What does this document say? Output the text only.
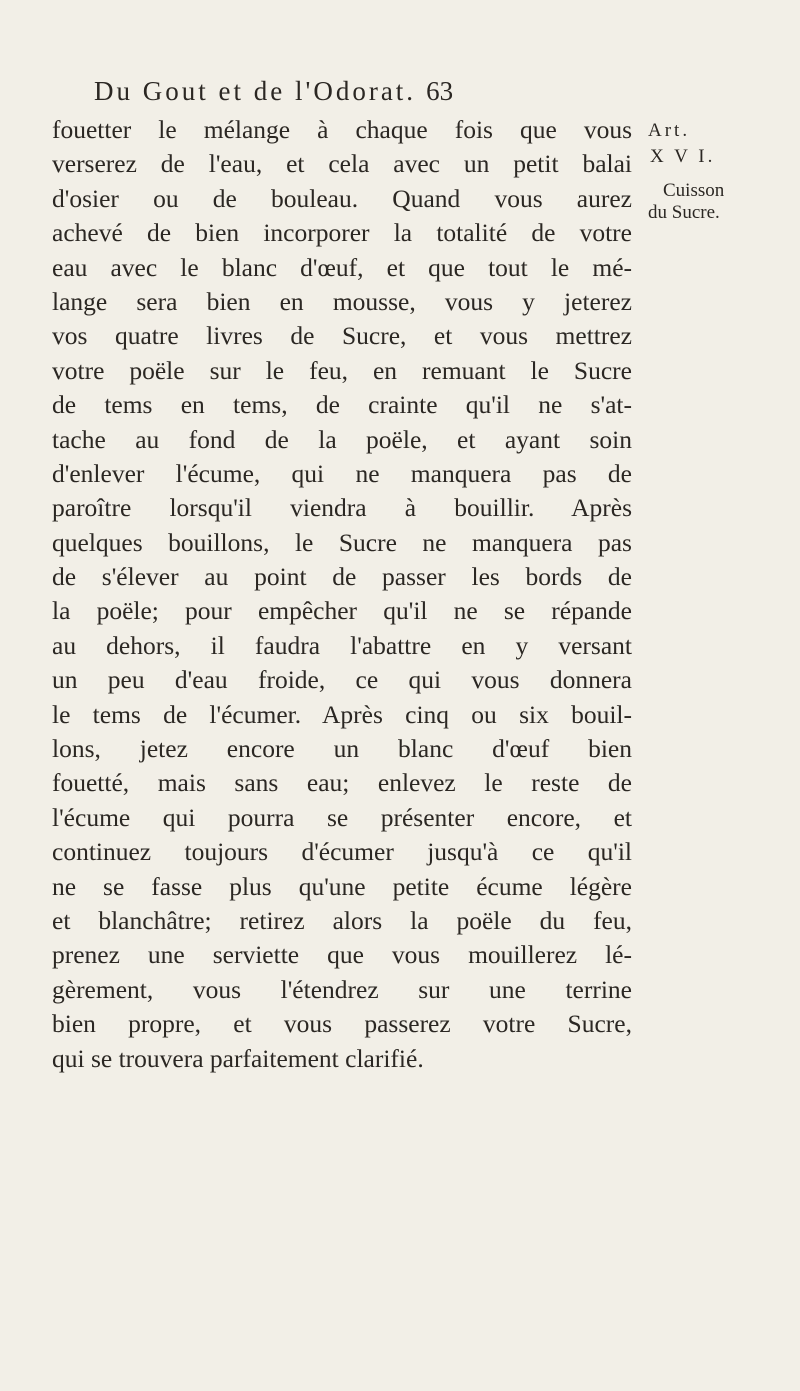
Du Gout et de l'Odorat. 63
Art.
X V I.
Cuisson
du Sucre.
fouetter le mélange à chaque fois que vous
verserez de l'eau, et cela avec un petit balai
d'osier ou de bouleau. Quand vous aurez
achevé de bien incorporer la totalité de votre
eau avec le blanc d'œuf, et que tout le mé-
lange sera bien en mousse, vous y jeterez
vos quatre livres de Sucre, et vous mettrez
votre poële sur le feu, en remuant le Sucre
de tems en tems, de crainte qu'il ne s'at-
tache au fond de la poële, et ayant soin
d'enlever l'écume, qui ne manquera pas de
paroître lorsqu'il viendra à bouillir. Après
quelques bouillons, le Sucre ne manquera pas
de s'élever au point de passer les bords de
la poële; pour empêcher qu'il ne se répande
au dehors, il faudra l'abattre en y versant
un peu d'eau froide, ce qui vous donnera
le tems de l'écumer. Après cinq ou six bouil-
lons, jetez encore un blanc d'œuf bien
fouetté, mais sans eau; enlevez le reste de
l'écume qui pourra se présenter encore, et
continuez toujours d'écumer jusqu'à ce qu'il
ne se fasse plus qu'une petite écume légère
et blanchâtre; retirez alors la poële du feu,
prenez une serviette que vous mouillerez lé-
gèrement, vous l'étendrez sur une terrine
bien propre, et vous passerez votre Sucre,
qui se trouvera parfaitement clarifié.
